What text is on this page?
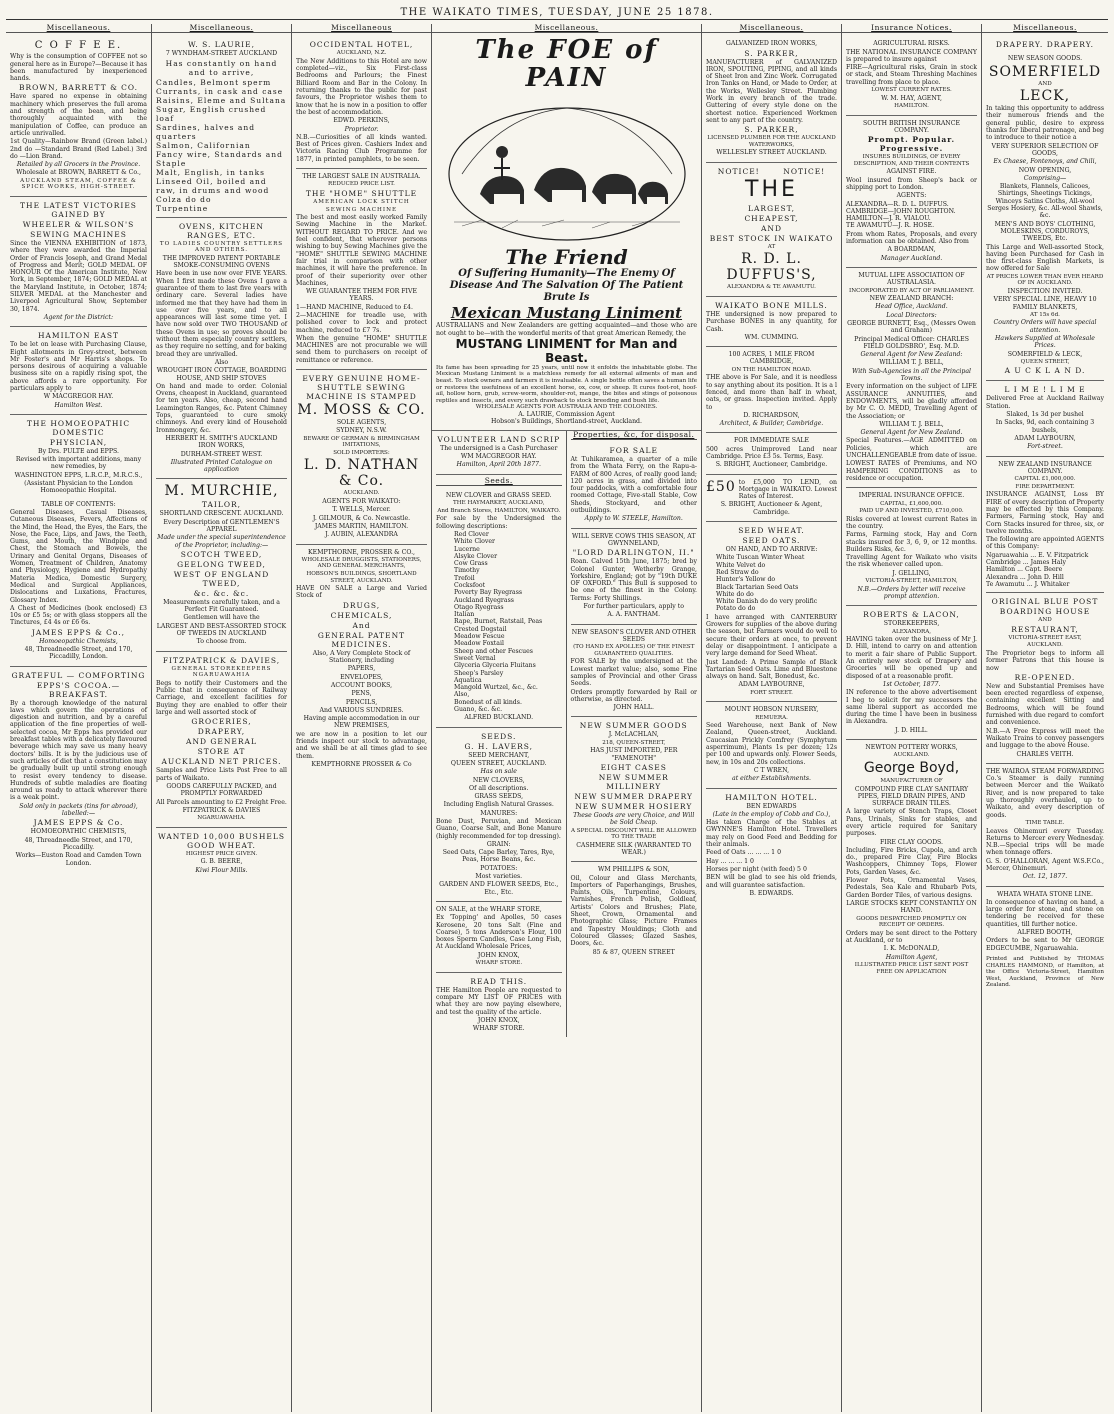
THE WAIKATO TIMES, TUESDAY, JUNE 25 1878.
Miscellaneous.

C O F F E E.

Why is the consumption of COFFEE not so general here as in Europe?—Because it has been manufactured by inexperienced hands.

BROWN, BARRETT & CO.

Have spared no expense in obtaining machinery which preserves the full aroma and strength of the bean, and being thoroughly acquainted with the manipulation of Coffee, can produce an article unrivalled.

1st Quality—Rainbow Brand (Green label.) 2nd do —Standard Brand (Red Label.) 3rd do —Lion Brand.

Retailed by all Grocers in the Province.

Wholesale at BROWN, BARRETT & Co.,

AUCKLAND STEAM, COFFEE & SPICE WORKS, HIGH-STREET.

THE LATEST VICTORIES GAINED BY

WHEELER & WILSON'S

SEWING MACHINES

Since the VIENNA EXHIBITION of 1873, where they were awarded the Imperial Order of Francis Joseph, and Grand Medal of Progress and Merit; GOLD MEDAL OF HONOUR Of the American Institute, New York, in September, 1874; GOLD MEDAL at the Maryland Institute, in October, 1874; SILVER MEDAL at the Manchester and Liverpool Agricultural Show, September 30, 1874.

Agent for the District:

HAMILTON EAST

To be let on lease with Purchasing Clause, Eight allotments in Grey-street, between Mr Foster's and Mr Harris's shops. To persons desirous of acquiring a valuable business site on a rapidly rising spot, the above affords a rare opportunity. For particulars apply to

W MACGREGOR HAY.

Hamilton West.

THE HOMOEOPATHIC DOMESTIC

PHYSICIAN,

By Drs. PULTE and EPPS.

Revised with important additions, many new remedies, by

WASHINGTON EPPS, L.R.C.P., M.R.C.S.,

(Assistant Physician to the London Homoeopathic Hospital.

TABLE OF CONTENTS:

General Diseases, Casual Diseases, Cutaneous Diseases, Fevers, Affections of the Mind, the Head, the Eyes, the Ears, the Nose, the Face, Lips, and Jaws, the Teeth, Gums, and Mouth, the Windpipe and Chest, the Stomach and Bowels, the Urinary and Genital Organs, Diseases of Women, Treatment of Children, Anatomy and Physiology, Hygiene and Hydropathy Materia Medica, Domestic Surgery, Medical and Surgical Appliances, Dislocations and Luxations, Fractures, Glossary Index.

A Chest of Medicines (book enclosed) £3 10s or £5 5s; or with glass stoppers all the Tinctures, £4 4s or £6 6s.

JAMES EPPS & Co.,

Homoeopathic Chemists,

48, Threadneedle Street, and 170, Piccadilly, London.

GRATEFUL — COMFORTING

EPPS'S COCOA.—BREAKFAST.

By a thorough knowledge of the natural laws which govern the operations of digestion and nutrition, and by a careful application of the fine properties of well-selected cocoa, Mr Epps has provided our breakfast tables with a delicately flavoured beverage which may save us many heavy doctors' bills. It is by the judicious use of such articles of diet that a constitution may be gradually built up until strong enough to resist every tendency to disease. Hundreds of subtle maladies are floating around us ready to attack wherever there is a weak point.

Sold only in packets (tins for abroad), labelled:—

JAMES EPPS & Co.

HOMOEOPATHIC CHEMISTS,

48, Threadneedle Street, and 170, Piccadilly.

Works—Euston Road and Camden Town London.

Miscellaneous.

W. S. LAURIE,

7 WYNDHAM-STREET AUCKLAND

Has constantly on hand and to arrive,

Candles, Belmont sperm

Currants, in cask and case

Raisins, Eleme and Sultana

Sugar, English crushed loaf

Sardines, halves and quarters

Salmon, Californian

Fancy wire, Standards and Staple

Malt, English, in tanks

Linseed Oil, boiled and raw, in drums and wood

Colza do do

Turpentine

OVENS, KITCHEN RANGES, ETC.

TO LADIES COUNTRY SETTLERS AND OTHERS.

THE IMPROVED PATENT PORTABLE SMOKE-CONSUMING OVENS

Have been in use now over FIVE YEARS. When I first made these Ovens I gave a guarantee of them to last five years with ordinary care. Several ladies have informed me that they have had them in use over five years, and to all appearances will last some time yet. I have now sold over TWO THOUSAND of these Ovens in use; so proves should be without them especially country settlers, as they require no setting, and for baking bread they are unrivalled.

Also

WROUGHT IRON COTTAGE, BOARDING HOUSE, AND SHIP STOVES

On hand and made to order. Colonial Ovens, cheapest in Auckland, guaranteed for ten years. Also, cheap, second hand Leamington Ranges, &c. Patent Chimney Tops, guaranteed to cure smoky chimneys. And every kind of Household Ironmongery, &c.

HERBERT H. SMITH'S AUCKLAND IRON WORKS,

DURHAM-STREET WEST.

Illustrated Printed Catalogue on application

M. MURCHIE,

TAILOR,

SHORTLAND CRESCENT. AUCKLAND.

Every Description of GENTLEMEN'S APPAREL

Made under the special superintendence of the Proprietor, including:—

SCOTCH TWEED,

GEELONG TWEED,

WEST OF ENGLAND TWEED,

&c. &c. &c.

Measurements carefully taken, and a Perfect Fit Guaranteed.

Gentlemen will have the

LARGEST AND BEST-ASSORTED STOCK OF TWEEDS IN AUCKLAND

To choose from.

FITZPATRICK & DAVIES,

GENERAL STOREKEEPERS NGARUAWAHIA

Begs to notify their Customers and the Public that in consequence of Railway Carriage, and excellent facilities for Buying they are enabled to offer their large and well assorted stock of

GROCERIES,

DRAPERY,

AND GENERAL

STORE AT

AUCKLAND NET PRICES.

Samples and Price Lists Post Free to all parts of Waikato.

GOODS CAREFULLY PACKED, and PROMPTLY FORWARDED

All Parcels amounting to £2 Freight Free.

FITZPATRICK & DAVIES

NGARUAWAHIA.

WANTED 10,000 BUSHELS GOOD WHEAT.

HIGHEST PRICE GIVEN.

G. B. BEERE,

Kiwi Flour Mills.

Miscellaneous

OCCIDENTAL HOTEL,

AUCKLAND, N.Z.

The New Additions to this Hotel are now completed—viz., Six First-class Bedrooms and Parlours; the Finest Billiard Room and Bar in the Colony. In returning thanks to the public for past favours, the Proprietor wishes them to know that he is now in a position to offer the best of accommodation.

EDWD. PERKINS,

Proprietor.

N.B.—Curiosities of all kinds wanted. Best of Prices given. Cashiers Index and Victoria Racing Club Programme for 1877, in printed pamphlets, to be seen.

THE LARGEST SALE IN AUSTRALIA.

REDUCED PRICE LIST.

THE "HOME" SHUTTLE

AMERICAN LOCK STITCH

SEWING MACHINE

The best and most easily worked Family Sewing Machine in the Market. WITHOUT REGARD TO PRICE. And we feel confident, that wherever persons wishing to buy Sewing Machines give the "HOME" SHUTTLE SEWING MACHINE fair trial in comparison with other machines, it will have the preference. In proof of their superiority over other Machines,

WE GUARANTEE THEM FOR FIVE YEARS.

1—HAND MACHINE, Reduced to £4.

2—MACHINE for treadle use, with polished cover to lock and protect machine, reduced to £7 7s.

When the genuine "HOME" SHUTTLE MACHINES are not procurable we will send them to purchasers on receipt of remittance or reference.

EVERY GENUINE HOME-SHUTTLE SEWING MACHINE IS STAMPED

M. MOSS & CO.

SOLE AGENTS,

SYDNEY, N.S.W.

BEWARE OF GERMAN & BIRMINGHAM IMITATIONS,

SOLD IMPORTERS:

L. D. NATHAN & Co.

AUCKLAND.

AGENTS FOR WAIKATO:

T. WELLS, Mercer.

J. GILMOUR, & Co. Newcastle.

JAMES MARTIN, HAMILTON.

J. AUBIN, ALEXANDRA

KEMPTHORNE, PROSSER & CO.,

WHOLESALE DRUGGISTS, STATIONERS, AND GENERAL MERCHANTS,

HOBSON'S BUILDINGS, SHORTLAND STREET, AUCKLAND.

HAVE ON SALE a Large and Varied Stock of

DRUGS,

CHEMICALS,

And

GENERAL PATENT MEDICINES.

Also, A Very Complete Stock of Stationery, including

PAPERS,

ENVELOPES,

ACCOUNT BOOKS,

PENS,

PENCILS,

And VARIOUS SUNDRIES.

Having ample accommodation in our NEW PREMISES,

we are now in a position to let our friends inspect our stock to advantage, and we shall be at all times glad to see them.

KEMPTHORNE PROSSER & Co

Miscellaneous.

The FOE of PAIN

The Friend

Of Suffering Humanity—The Enemy Of Disease And The Salvation Of The Patient Brute Is

Mexican Mustang Liniment

AUSTRALIANS and New Zealanders are getting acquainted—and those who are not ought to be—with the wonderful merits of that great American Remedy, the

MUSTANG LINIMENT for Man and Beast.

Its fame has been spreading for 25 years, until now it enfolds the inhabitable globe. The Mexican Mustang Liniment is a matchless remedy for all external ailments of man and beast. To stock owners and farmers it is invaluable. A single bottle often saves a human life or restores the usefulness of an excellent horse, ox, cow, or sheep. It cures foot-rot, hoof-ail, hollow horn, grub, screw-worm, shoulder-rot, mange, the bites and stings of poisonous reptiles and insects, and every such drawback to stock breeding and bush life.

WHOLESALE AGENTS FOR AUSTRALIA AND THE COLONIES.

A. LAURIE, Commission Agent

Hobson's Buildings, Shortland-street, Auckland.

VOLUNTEER LAND SCRIP

The undersigned is a Cash Purchaser

WM MACGREGOR HAY.

Hamilton, April 20th 1877.

Seeds.

NEW CLOVER and GRASS SEED.

THE HAYMARKET, AUCKLAND,

And Branch Stores, HAMILTON, WAIKATO.

For sale by the Undersigned the following descriptions:

Red Clover

White Clover

Lucerne

Alsyke Clover

Cow Grass

Timothy

Trefoil

Cocksfoot

Poverty Bay Ryegrass

Auckland Ryegrass

Otago Ryegrass

Italian

Rape, Burnet, Ratstail, Peas

Crested Dogstail

Meadow Fescue

Meadow Foxtail

Sheep and other Fescues

Sweet Vernal

Glyceria Glyceria Fluitans

Sheep's Parsley

Aquatica

Mangold Wurtzel, &c., &c.

Also,

Bonedust of all kinds.

Guano, &c. &c.

ALFRED BUCKLAND.

SEEDS.

G. H. LAVERS,

SEED MERCHANT,

QUEEN STREET, AUCKLAND.

Has on sale

NEW CLOVERS,

Of all descriptions.

GRASS SEEDS,

Including English Natural Grasses.

MANURES:

Bone Dust, Peruvian, and Mexican Guano, Coarse Salt, and Bone Manure (highly recommended for top dressing).

GRAIN:

Seed Oats, Cape Barley, Tares, Rye, Peas, Horse Beans, &c.

POTATOES:

Most varieties.

GARDEN AND FLOWER SEEDS, Etc., Etc., Etc.

ON SALE, at the WHARF STORE,

Ex 'Topping' and Apolles, 50 cases Kerosene, 20 tons Salt (Fine and Coarse), 5 tons Anderson's Flour, 100 boxes Sperm Candles, Case Long Fish, At Auckland Wholesale Prices,

JOHN KNOX,

WHARF STORE.

READ THIS.

THE Hamilton People are requested to compare MY LIST OF PRICES with what they are now paying elsewhere, and test the quality of the article.

JOHN KNOX,

WHARF STORE.

Properties, &c, for disposal.

FOR SALE

At Tuhikaramea, a quarter of a mile from the Whata Ferry, on the Rapu-a-FARM of 800 Acres, of really good land; 120 acres in grass, and divided into four paddocks, with a comfortable four roomed Cottage, Five-stall Stable, Cow Sheds, Stockyard, and other outbuildings.

Apply to W. STEELE, Hamilton.

WILL SERVE COWS THIS SEASON, AT GWYNNELAND,

"LORD DARLINGTON, II."

Roan. Calved 15th June, 1875; bred by Colonel Gunter, Wetherby Grange, Yorkshire, England; got by "19th DUKE OF OXFORD." This Bull is supposed to be one of the finest in the Colony. Terms: Forty Shillings.

For further particulars, apply to

A. A. FANTHAM.

NEW SEASON'S CLOVER AND OTHER SEEDS

(TO HAND EX APOLLES) OF THE FINEST GUARANTEED QUALITIES.

FOR SALE by the undersigned at the Lowest market value; also, some Fine samples of Provincial and other Grass Seeds.

Orders promptly forwarded by Rail or otherwise, as directed.

JOHN HALL.

NEW SUMMER GOODS

J. McLACHLAN,

218, QUEEN-STREET,

HAS JUST IMPORTED, PER "FAMENOTH"

EIGHT CASES

NEW SUMMER MILLINERY

NEW SUMMER DRAPERY

NEW SUMMER HOSIERY

These Goods are very Choice, and Will be Sold Cheap.

A SPECIAL DISCOUNT WILL BE ALLOWED TO THE TRADE

CASHMERE SILK (WARRANTED TO WEAR.)

WM PHILLIPS & SON,

Oil, Colour and Glass Merchants, Importers of Paperhangings, Brushes, Paints, Oils, Turpentine, Colours, Varnishes, French Polish, Goldleaf, Artists' Colors and Brushes; Plate, Sheet, Crown, Ornamental and Photographic Glass; Picture Frames and Tapestry Mouldings; Cloth and Coloured Glasses; Glazed Sashes, Doors, &c.

85 & 87, QUEEN STREET

Miscellaneous.

GALVANIZED IRON WORKS,

S. PARKER,

MANUFACTURER of GALVANIZED IRON, SPOUTING, PIPING, and all kinds of Sheet Iron and Zinc Work. Corrugated Iron Tanks on Hand, or Made to Order, at the Works, Wellesley Street. Plumbing Work in every branch of the trade. Guttering of every style done on the shortest notice. Experienced Workmen sent to any part of the country.

S. PARKER,

LICENSED PLUMBER FOR THE AUCKLAND WATERWORKS,

WELLESLEY STREET AUCKLAND.

NOTICE!	NOTICE!

THE

LARGEST,

CHEAPEST,

AND

BEST STOCK IN WAIKATO

AT

R. D. L. DUFFUS'S,

ALEXANDRA & TE AWAMUTU.

WAIKATO BONE MILLS.

THE undersigned is now prepared to Purchase BONES in any quantity, for Cash.

WM. CUMMING.

100 ACRES, 1 MILE FROM CAMBRIDGE,

ON THE HAMILTON ROAD.

THE above is For Sale, and it is needless to say anything about its position. It is a l fenced, and more than half in wheat, oats, or grass. Inspection invited. Apply to

D. RICHARDSON,

Architect, & Builder, Cambridge.

FOR IMMEDIATE SALE

500 acres Unimproved Land near Cambridge. Price £3 5s. Terms, Easy.

S. BRIGHT, Auctioneer, Cambridge.

£50 to £5,000 TO LEND, on Mortgage in WAIKATO. Lowest Rates of Interest.

S. BRIGHT, Auctioneer & Agent, Cambridge.

SEED WHEAT.

SEED OATS.

ON HAND, AND TO ARRIVE:

White Tuscan Winter Wheat

White Velvet do

Red Straw do

Hunter's Yellow do

Black Tartarian Seed Oats

White do do

White Danish do do very prolific

Potato do do

I have arranged with CANTERBURY Growers for supplies of the above during the season, but Farmers would do well to secure their orders at once, to prevent delay or disappointment. I anticipate a very large demand for Seed Wheat.

Just Landed: A Prime Sample of Black Tartarian Seed Oats. Lime and Bluestone always on hand. Salt, Bonedust, &c.

ADAM LAYBOURNE,

FORT STREET.

MOUNT HOBSON NURSERY,

REMUERA.

Seed Warehouse, next Bank of New Zealand, Queen-street, Auckland. Caucasian Prickly Comfrey (Symphytum asperrimum), Plants 1s per dozen; 12s per 100 and upwards only. Flower Seeds, new, in 10s and 20s collections.

C T WREN,

at either Establishments.

HAMILTON HOTEL.

BEN EDWARDS

(Late in the employ of Cobb and Co.),

Has taken Charge of the Stables at GWYNNE'S Hamilton Hotel. Travellers may rely on Good Feed and Bedding for their animals.

Feed of Oats ... ... ... 1 0

Hay ... ... ... 1 0

Horses per night (with feed) 5 0

BEN will be glad to see his old friends, and will guarantee satisfaction.

B. EDWARDS.

Insurance Notices.

AGRICULTURAL RISKS.

THE NATIONAL INSURANCE COMPANY is prepared to insure against

FIRE—Agricultural risks, Grain in stock or stack, and Steam Threshing Machines travelling from place to place.

LOWEST CURRENT RATES.

W. M. HAY, AGENT,

HAMILTON.

SOUTH BRITISH INSURANCE COMPANY.

Prompt. Popular. Progressive.

INSURES BUILDINGS, OF EVERY DESCRIPTION, AND THEIR CONTENTS

AGAINST FIRE.

Wool insured from Sheep's back or shipping port to London.

AGENTS:

ALEXANDRA—R. D. L. DUFFUS.

CAMBRIDGE—JOHN ROUGHTON.

HAMILTON—J. R. VIALOU.

TE AWAMUTU—J. R. HOSE.

From whom Rates, Proposals, and every information can be obtained. Also from

A BOARDMAN,

Manager Auckland.

MUTUAL LIFE ASSOCIATION OF AUSTRALASIA.

INCORPORATED BY ACT OF PARLIAMENT.

NEW ZEALAND BRANCH:

Head Office, Auckland.

Local Directors:

GEORGE BURNETT, Esq., (Messrs Owen and Graham)

Principal Medical Officer: CHARLES FIELD GOLDSBRO', Esq. M.D.

General Agent for New Zealand:

WILLIAM T. J. BELL,

With Sub-Agencies in all the Principal Towns.

Every information on the subject of LIFE ASSURANCE ANNUITIES, and ENDOWMENTS, will be gladly afforded by Mr C. O. MEDD, Travelling Agent of the Association; or

WILLIAM T. J. BELL,

General Agent for New Zealand.

Special Features.—AGE ADMITTED on Policies, which are UNCHALLENGEABLE from date of issue.

LOWEST RATES of Premiums, and NO HAMPERING CONDITIONS as to residence or occupation.

IMPERIAL INSURANCE OFFICE.

CAPITAL, £1,600,000.

PAID UP AND INVESTED, £710,000.

Risks covered at lowest current Rates in the country.

Farms, Farming stock, Hay and Corn stacks insured for 3, 6, 9, or 12 months. Builders Risks, &c.

Travelling Agent for Waikato who visits the risk whenever called upon.

J. GELLING,

VICTORIA-STREET, HAMILTON,

N.B.—Orders by letter will receive prompt attention.

ROBERTS & LACON,

STOREKEEPERS,

ALEXANDRA,

HAVING taken over the business of Mr J. D. Hill, intend to carry on and attention to merit a fair share of Public Support. An entirely new stock of Drapery and Groceries will be opened up and disposed of at a reasonable profit.

1st October, 1877.

IN reference to the above advertisement I beg to solicit for my successors the same liberal support as accorded me during the time I have been in business in Alexandra.

J. D. HILL.

NEWTON POTTERY WORKS,

AUCKLAND.

George Boyd,

MANUFACTURER OF

COMPOUND FIRE CLAY SANITARY PIPES, FIELD DRAIN PIPES, AND SURFACE DRAIN TILES.

A large variety of Stench Traps, Closet Pans, Urinals, Sinks for stables, and every article required for Sanitary purposes.

FIRE CLAY GOODS.

Including, Fire Bricks, Cupola, and arch do., prepared Fire Clay, Fire Blocks Washcoppers, Chimney Tops, Flower Pots, Garden Vases, &c.

Flower Pots, Ornamental Vases, Pedestals, Sea Kale and Rhubarb Pots, Garden Border Tiles, of various designs.

LARGE STOCKS KEPT CONSTANTLY ON HAND.

GOODS DESPATCHED PROMPTLY ON RECEIPT OF ORDERS.

Orders may be sent direct to the Pottery at Auckland, or to

I. K. McDONALD,

Hamilton Agent,

ILLUSTRATED PRICE LIST SENT POST FREE ON APPLICATION

Miscellaneous.

DRAPERY. DRAPERY.

NEW SEASON GOODS.

SOMERFIELD

AND

LECK,

In taking this opportunity to address their numerous friends and the general public, desire to express thanks for liberal patronage, and beg to introduce to their notice a

VERY SUPERIOR SELECTION OF GOODS,

Ex Chaese, Fontenoys, and Chili,

NOW OPENING,

Comprising—

Blankets, Flannels, Calicoes, Shirtings, Sheetings Tickings, Winceys Satins Cloths, All-wool Serges Hosiery, &c. All-wool Shawls, &c.

MEN'S AND BOYS' CLOTHING, MOLESKINS, CORDUROYS, TWEEDS, Etc.

This Large and Well-assorted Stock, having been Purchased for Cash in the first-class English Markets, is now offered for Sale

AT PRICES LOWER THAN EVER HEARD OF IN AUCKLAND.

INSPECTION INVITED.

VERY SPECIAL LINE, HEAVY 10 FAMILY BLANKETS,

AT 15s 6d.

Country Orders will have special attention.

Hawkers Supplied at Wholesale Prices.

SOMERFIELD & LECK,

QUEEN STREET,

A U C K L A N D.

L I M E ! L I M E

Delivered Free at Auckland Railway Station.

Slaked, 1s 3d per bushel

In Sacks, 9d, each containing 3 bushels,

ADAM LAYBOURN,

Fort-street.

NEW ZEALAND INSURANCE COMPANY.

CAPITAL £1,000,000.

FIRE DEPARTMENT.

INSURANCE AGAINST, Loss BY FIRE of every description of Property may be effected by this Company. Farmers, Farming stock, Hay and Corn Stacks insured for three, six, or twelve months.

The following are appointed AGENTS of this Company:

Ngaruawahia ... E. V. Fitzpatrick

Cambridge ... James Haly

Hamilton ... Capt. Beere

Alexandra ... John D. Hill

Te Awamutu ... J. Whitaker

ORIGINAL BLUE POST

BOARDING HOUSE

AND

RESTAURANT,

VICTORIA-STREET EAST,

AUCKLAND.

The Proprietor begs to inform all former Patrons that this house is now

RE-OPENED.

New and Substantial Premises have been erected regardless of expense, containing excellent Sitting and Bedrooms, which will be found furnished with due regard to comfort and convenience.

N.B.—A Free Express will meet the Waikato Trains to convey passengers and luggage to the above House.

CHARLES VEITH.

THE WAIROA STEAM FORWARDING Co.'s Steamer is daily running between Mercer and the Waikato River, and is now prepared to take up thoroughly overhauled, up to Waikato, and every description of goods.

TIME TABLE.

Leaves Ohinemuri every Tuesday. Returns to Mercer every Wednesday. N.B.—Special trips will be made when tonnage offers.

G. S. O'HALLORAN, Agent W.S.F.Co., Mercer, Ohinemuri.

Oct. 12, 1877.

WHATA WHATA STONE LINE.

In consequence of having on hand, a large order for stone, and stone on tendering be received for these quantities, till further notice.

ALFRED BOOTH,

Orders to be sent to Mr GEORGE EDGECUMBE, Ngaruawahia.

Printed and Published by THOMAS CHARLES HAMMOND, of Hamilton, at the Office Victoria-Street, Hamilton West, Auckland, Province of New Zealand.
